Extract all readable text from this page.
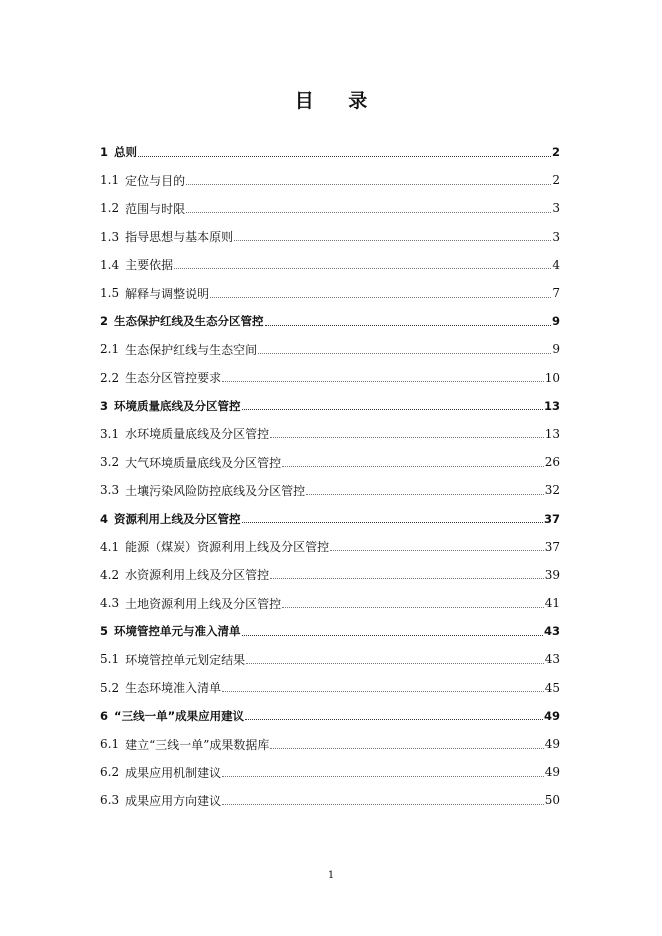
目 录
1 总则	2
1.1 定位与目的	2
1.2 范围与时限	3
1.3 指导思想与基本原则	3
1.4 主要依据	4
1.5 解释与调整说明	7
2 生态保护红线及生态分区管控	9
2.1 生态保护红线与生态空间	9
2.2 生态分区管控要求	10
3 环境质量底线及分区管控	13
3.1 水环境质量底线及分区管控	13
3.2 大气环境质量底线及分区管控	26
3.3 土壤污染风险防控底线及分区管控	32
4 资源利用上线及分区管控	37
4.1 能源（煤炭）资源利用上线及分区管控	37
4.2 水资源利用上线及分区管控	39
4.3 土地资源利用上线及分区管控	41
5 环境管控单元与准入清单	43
5.1 环境管控单元划定结果	43
5.2 生态环境准入清单	45
6 “三线一单”成果应用建议	49
6.1 建立“三线一单”成果数据库	49
6.2 成果应用机制建议	49
6.3 成果应用方向建议	50
1
